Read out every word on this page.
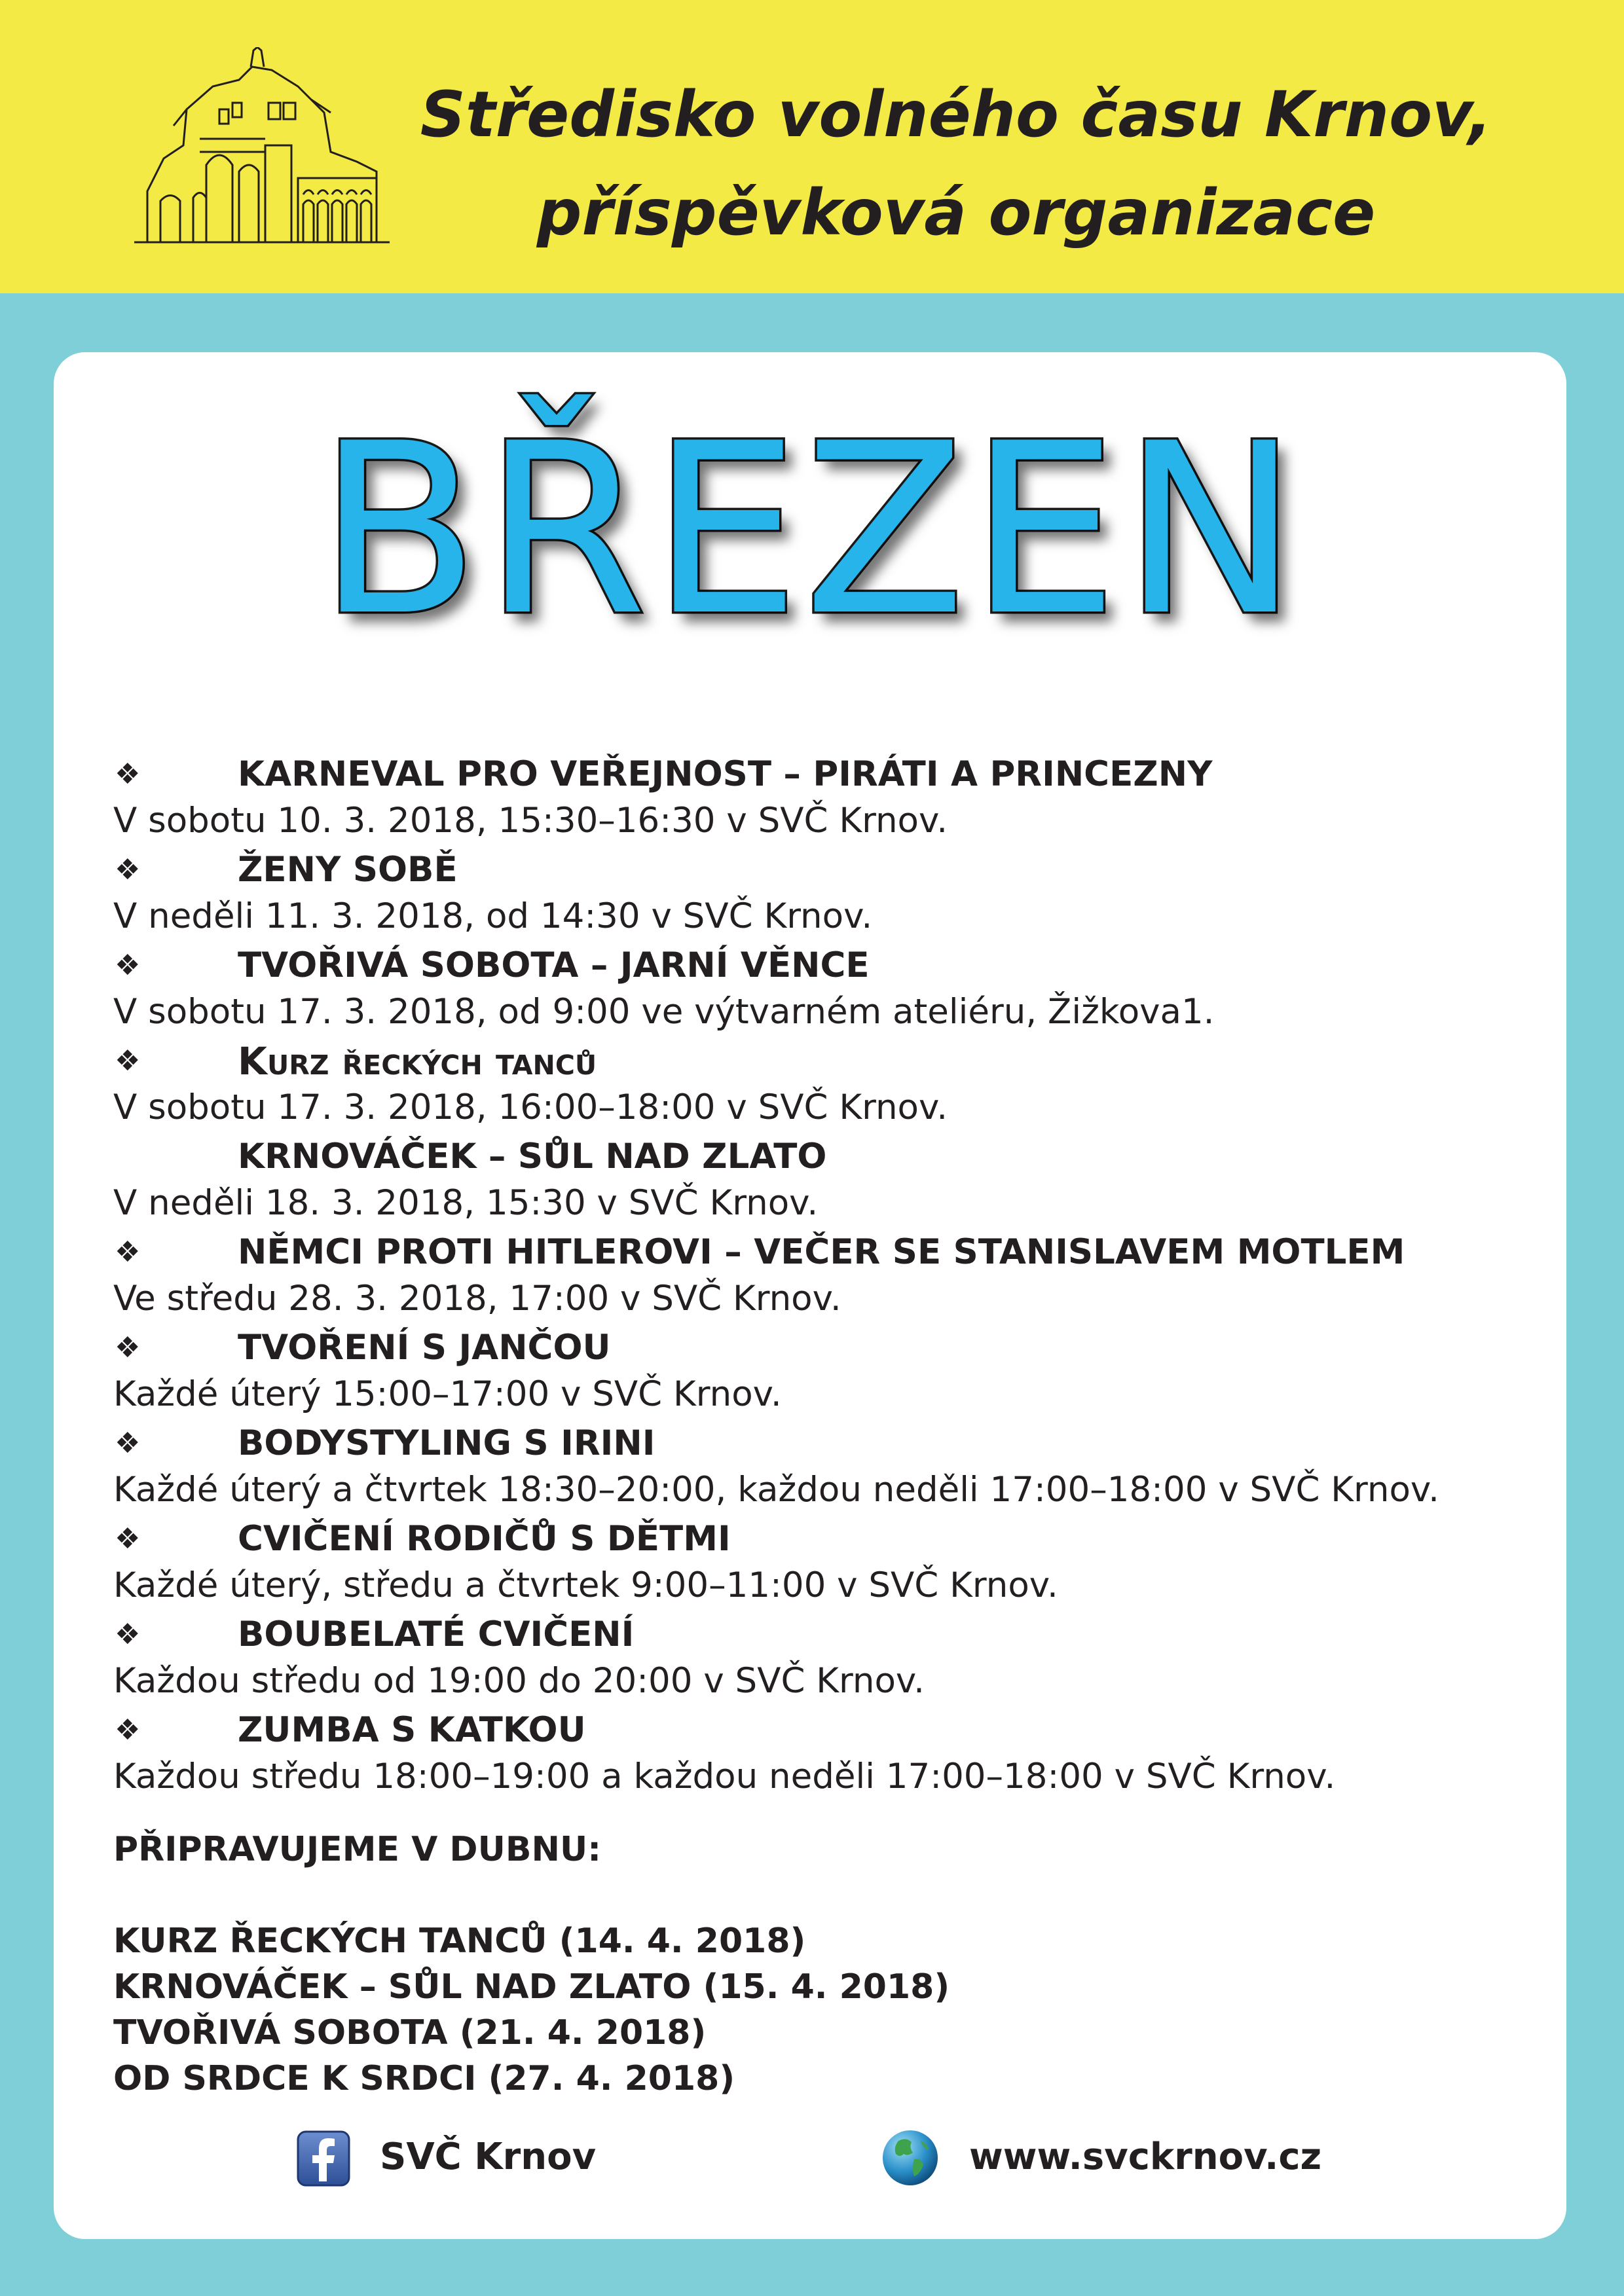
Středisko volného času Krnov,
příspěvková organizace
BŘEZEN
❖	KARNEVAL PRO VEŘEJNOST – PIRÁTI A PRINCEZNY
V sobotu 10. 3. 2018, 15:30–16:30 v SVČ Krnov.
❖	ŽENY SOBĚ
V neděli 11. 3. 2018, od 14:30 v SVČ Krnov.
❖	TVOŘIVÁ SOBOTA – JARNÍ VĚNCE
V sobotu 17. 3. 2018, od 9:00 ve výtvarném ateliéru, Žižkova1.
❖	Kurz řeckých tanců
V sobotu 17. 3. 2018, 16:00–18:00 v SVČ Krnov.
KRNOVÁČEK – SŮL NAD ZLATO
V neděli 18. 3. 2018, 15:30 v SVČ Krnov.
❖	NĚMCI PROTI HITLEROVI – VEČER SE STANISLAVEM MOTLEM
Ve středu 28. 3. 2018, 17:00 v SVČ Krnov.
❖	TVOŘENÍ S JANČOU
Každé úterý 15:00–17:00 v SVČ Krnov.
❖	BODYSTYLING S IRINI
Každé úterý a čtvrtek 18:30–20:00, každou neděli 17:00–18:00 v SVČ Krnov.
❖	CVIČENÍ RODIČŮ S DĚTMI
Každé úterý, středu a čtvrtek 9:00–11:00 v SVČ Krnov.
❖	BOUBELATÉ CVIČENÍ
Každou středu od 19:00 do 20:00 v SVČ Krnov.
❖	ZUMBA S KATKOU
Každou středu 18:00–19:00 a každou neděli 17:00–18:00 v SVČ Krnov.
PŘIPRAVUJEME V DUBNU:
KURZ ŘECKÝCH TANCŮ (14. 4. 2018)
KRNOVÁČEK – SŮL NAD ZLATO (15. 4. 2018)
TVOŘIVÁ SOBOTA (21. 4. 2018)
OD SRDCE K SRDCI (27. 4. 2018)
SVČ Krnov	www.svckrnov.cz
